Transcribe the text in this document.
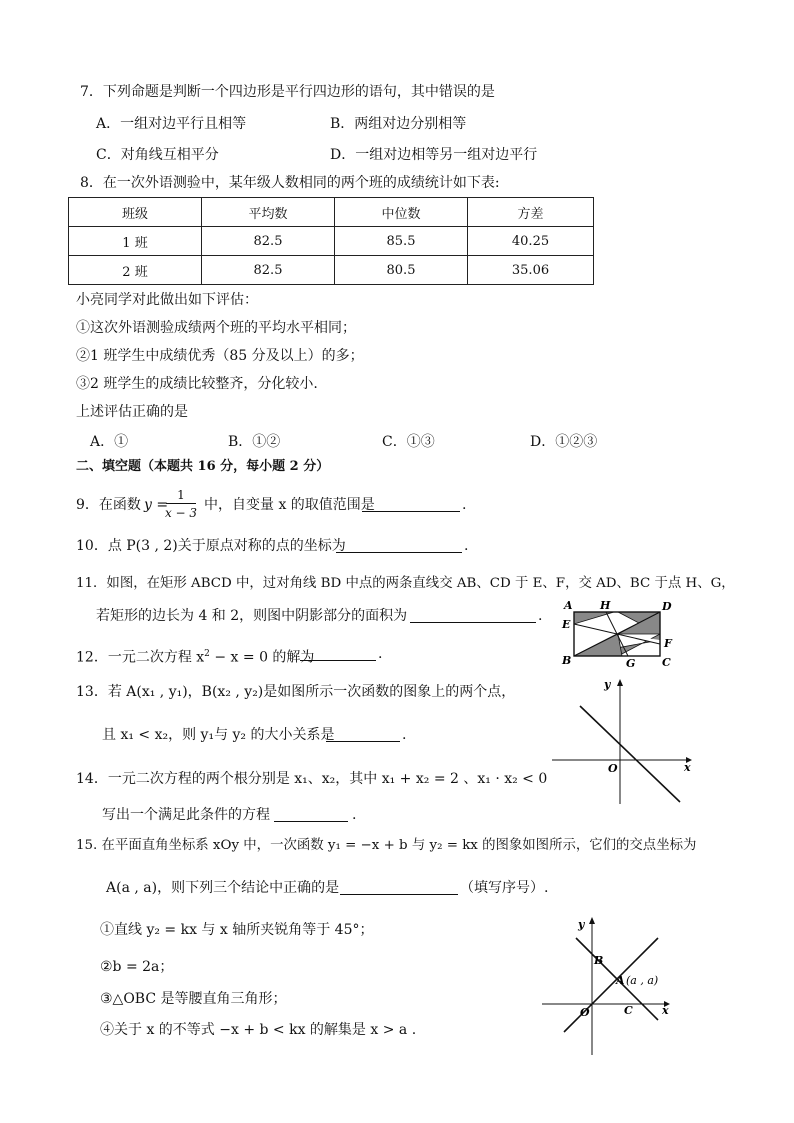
7．下列命题是判断一个四边形是平行四边形的语句，其中错误的是
A．一组对边平行且相等	B．两组对边分别相等
C．对角线互相平分	D．一组对边相等另一组对边平行
8．在一次外语测验中，某年级人数相同的两个班的成绩统计如下表:
班级	平均数	中位数	方差
1 班	82.5	85.5	40.25
2 班	82.5	80.5	35.06
小亮同学对此做出如下评估：
①这次外语测验成绩两个班的平均水平相同；
②1 班学生中成绩优秀（85 分及以上）的多；
③2 班学生的成绩比较整齐，分化较小.
上述评估正确的是
A．①	B．①②	C．①③	D．①②③
二、填空题（本题共 16 分，每小题 2 分）
9．在函数 y =
1
x − 3 中，自变量 x 的取值范围是	.
10．点 P(3 , 2)关于原点对称的点的坐标为	.
11．如图，在矩形 ABCD 中，过对角线 BD 中点的两条直线交 AB、CD 于 E、F，交 AD、BC 于点 H、G，
若矩形的边长为 4 和 2，则图中阴影部分的面积为	.
A H	D
E
F
B	G C
12．一元二次方程 $x^2 - x = 0$ 的解为	.
13．若 A(x₁ , y₁)，B(x₂ , y₂)是如图所示一次函数的图象上的两个点，
且 x₁ < x₂，则 y₁与 y₂ 的大小关系是	.
y
O	x
14．一元二次方程的两个根分别是 x₁、x₂，其中 x₁ + x₂ = 2 、x₁ · x₂ < 0
写出一个满足此条件的方程	.
15. 在平面直角坐标系 xOy 中，一次函数 y₁ = −x + b 与 y₂ = kx 的图象如图所示，它们的交点坐标为
A(a , a)，则下列三个结论中正确的是	（填写序号）.
①直线 y₂ = kx 与 x 轴所夹锐角等于 45°；
②b = 2a；
③△OBC 是等腰直角三角形；
④关于 x 的不等式 −x + b < kx 的解集是 x > a .
y
B
A (a , a)
O	C	x
